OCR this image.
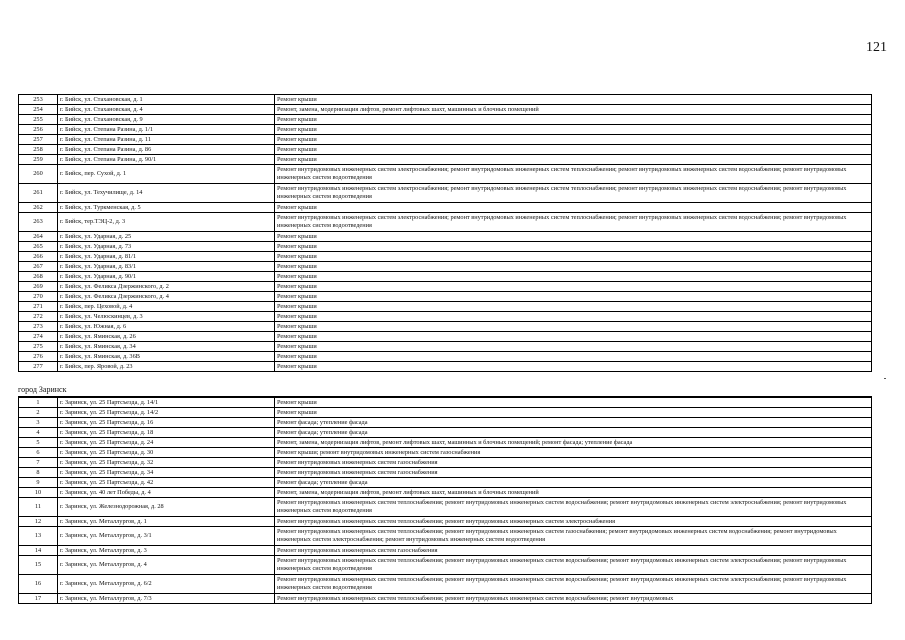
121
253	г. Бийск, ул. Стахановская, д. 1	Ремонт крыши
254	г. Бийск, ул. Стахановская, д. 4	Ремонт, замена, модернизация лифтов, ремонт лифтовых шахт, машинных и блочных помещений
255	г. Бийск, ул. Стахановская, д. 9	Ремонт крыши
256	г. Бийск, ул. Степана Разина, д. 1/1	Ремонт крыши
257	г. Бийск, ул. Степана Разина, д. 11	Ремонт крыши
258	г. Бийск, ул. Степана Разина, д. 86	Ремонт крыши
259	г. Бийск, ул. Степана Разина, д. 90/1	Ремонт крыши
260	г. Бийск, пер. Сухой, д. 1	Ремонт внутридомовых инженерных систем электроснабжения; ремонт внутридомовых инженерных систем теплоснабжения; ремонт внутридомовых инженерных систем водоснабжения; ремонт внутридомовых инженерных систем водоотведения
261	г. Бийск, ул. Техучилище, д. 14	Ремонт внутридомовых инженерных систем электроснабжения; ремонт внутридомовых инженерных систем теплоснабжения; ремонт внутридомовых инженерных систем водоснабжения; ремонт внутридомовых инженерных систем водоотведения
262	г. Бийск, ул. Туркменская, д. 5	Ремонт крыши
263	г. Бийск, тер.ТЭЦ-2, д. 3	Ремонт внутридомовых инженерных систем электроснабжения; ремонт внутридомовых инженерных систем теплоснабжения; ремонт внутридомовых инженерных систем водоснабжения; ремонт внутридомовых инженерных систем водоотведения
264	г. Бийск, ул. Ударная, д. 25	Ремонт крыши
265	г. Бийск, ул. Ударная, д. 73	Ремонт крыши
266	г. Бийск, ул. Ударная, д. 81/1	Ремонт крыши
267	г. Бийск, ул. Ударная, д. 83/1	Ремонт крыши
268	г. Бийск, ул. Ударная, д. 90/1	Ремонт крыши
269	г. Бийск, ул. Феликса Дзержинского, д. 2	Ремонт крыши
270	г. Бийск, ул. Феликса Дзержинского, д. 4	Ремонт крыши
271	г. Бийск, пер. Цеховой, д. 4	Ремонт крыши
272	г. Бийск, ул. Челюскинцев, д. 3	Ремонт крыши
273	г. Бийск, ул. Южная, д. 6	Ремонт крыши
274	г. Бийск, ул. Яминская, д. 26	Ремонт крыши
275	г. Бийск, ул. Яминская, д. 34	Ремонт крыши
276	г. Бийск, ул. Яминская, д. 36В	Ремонт крыши
277	г. Бийск, пер. Яровой, д. 23	Ремонт крыши
город Заринск
1	г. Заринск, ул. 25 Партсъезда, д. 14/1	Ремонт крыши
2	г. Заринск, ул. 25 Партсъезда, д. 14/2	Ремонт крыши
3	г. Заринск, ул. 25 Партсъезда, д. 16	Ремонт фасада; утепление фасада
4	г. Заринск, ул. 25 Партсъезда, д. 18	Ремонт фасада; утепление фасада
5	г. Заринск, ул. 25 Партсъезда, д. 24	Ремонт, замена, модернизация лифтов, ремонт лифтовых шахт, машинных и блочных помещений; ремонт фасада; утепление фасада
6	г. Заринск, ул. 25 Партсъезда, д. 30	Ремонт крыши; ремонт внутридомовых инженерных систем газоснабжения
7	г. Заринск, ул. 25 Партсъезда, д. 32	Ремонт внутридомовых инженерных систем газоснабжения
8	г. Заринск, ул. 25 Партсъезда, д. 34	Ремонт внутридомовых инженерных систем газоснабжения
9	г. Заринск, ул. 25 Партсъезда, д. 42	Ремонт фасада; утепление фасада
10	г. Заринск, ул. 40 лет Победы, д. 4	Ремонт, замена, модернизация лифтов, ремонт лифтовых шахт, машинных и блочных помещений
11	г. Заринск, ул. Железнодорожная, д. 28	Ремонт внутридомовых инженерных систем теплоснабжения; ремонт внутридомовых инженерных систем водоснабжения; ремонт внутридомовых инженерных систем электроснабжения; ремонт внутридомовых инженерных систем водоотведения
12	г. Заринск, ул. Металлургов, д. 1	Ремонт внутридомовых инженерных систем теплоснабжения; ремонт внутридомовых инженерных систем электроснабжения
13	г. Заринск, ул. Металлургов, д. 3/1	Ремонт внутридомовых инженерных систем теплоснабжения; ремонт внутридомовых инженерных систем газоснабжения; ремонт внутридомовых инженерных систем водоснабжения; ремонт внутридомовых инженерных систем электроснабжения; ремонт внутридомовых инженерных систем водоотведения
14	г. Заринск, ул. Металлургов, д. 3	Ремонт внутридомовых инженерных систем газоснабжения
15	г. Заринск, ул. Металлургов, д. 4	Ремонт внутридомовых инженерных систем теплоснабжения; ремонт внутридомовых инженерных систем водоснабжения; ремонт внутридомовых инженерных систем электроснабжения; ремонт внутридомовых инженерных систем водоотведения
16	г. Заринск, ул. Металлургов, д. 6/2	Ремонт внутридомовых инженерных систем теплоснабжения; ремонт внутридомовых инженерных систем водоснабжения; ремонт внутридомовых инженерных систем электроснабжения; ремонт внутридомовых инженерных систем водоотведения
17	г. Заринск, ул. Металлургов, д. 7/3	Ремонт внутридомовых инженерных систем теплоснабжения; ремонт внутридомовых инженерных систем водоснабжения; ремонт внутридомовых
